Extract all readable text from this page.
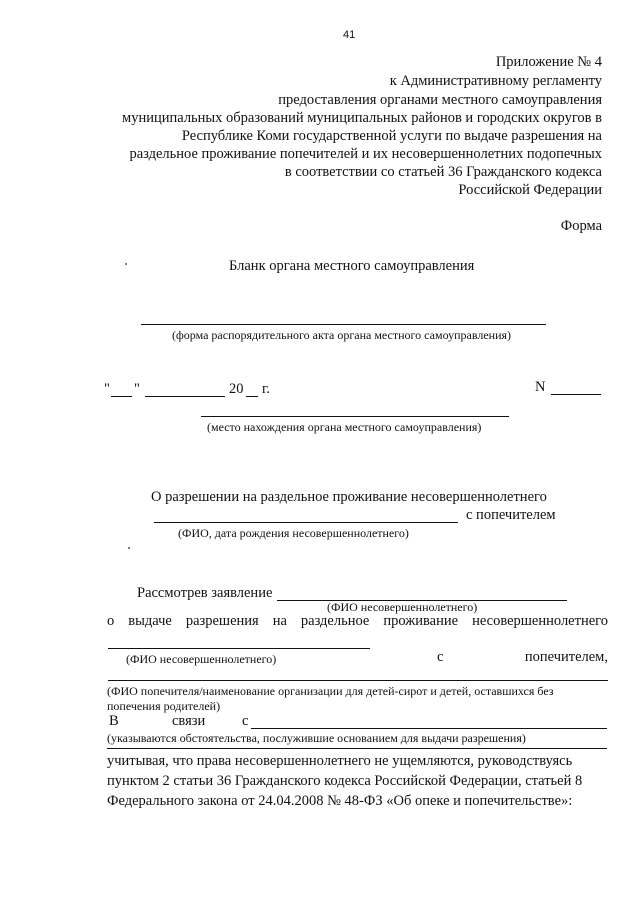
41
Приложение № 4
к Административному регламенту
предоставления органами местного самоуправления
муниципальных образований муниципальных районов и городских округов в
Республике Коми государственной услуги по выдаче разрешения на
раздельное проживание попечителей и их несовершеннолетних подопечных
в соответствии со статьей 36 Гражданского кодекса
Российской Федерации
Форма
Бланк органа местного самоуправления
(форма распорядительного акта органа местного самоуправления)
" "	20 г.	N
(место нахождения органа местного самоуправления)
О разрешении на раздельное проживание несовершеннолетнего
с попечителем
(ФИО, дата рождения несовершеннолетнего)
Рассмотрев заявление
(ФИО несовершеннолетнего)
о выдаче разрешения на раздельное проживание несовершеннолетнего
(ФИО несовершеннолетнего)	с	попечителем,
(ФИО попечителя/наименование организации для детей-сирот и детей, оставшихся без
попечения родителей)
В	связи	с
(указываются обстоятельства, послужившие основанием для выдачи разрешения)
учитывая, что права несовершеннолетнего не ущемляются, руководствуясь
пунктом 2 статьи 36 Гражданского кодекса Российской Федерации, статьей 8
Федерального закона от 24.04.2008 № 48-ФЗ «Об опеке и попечительстве»:
